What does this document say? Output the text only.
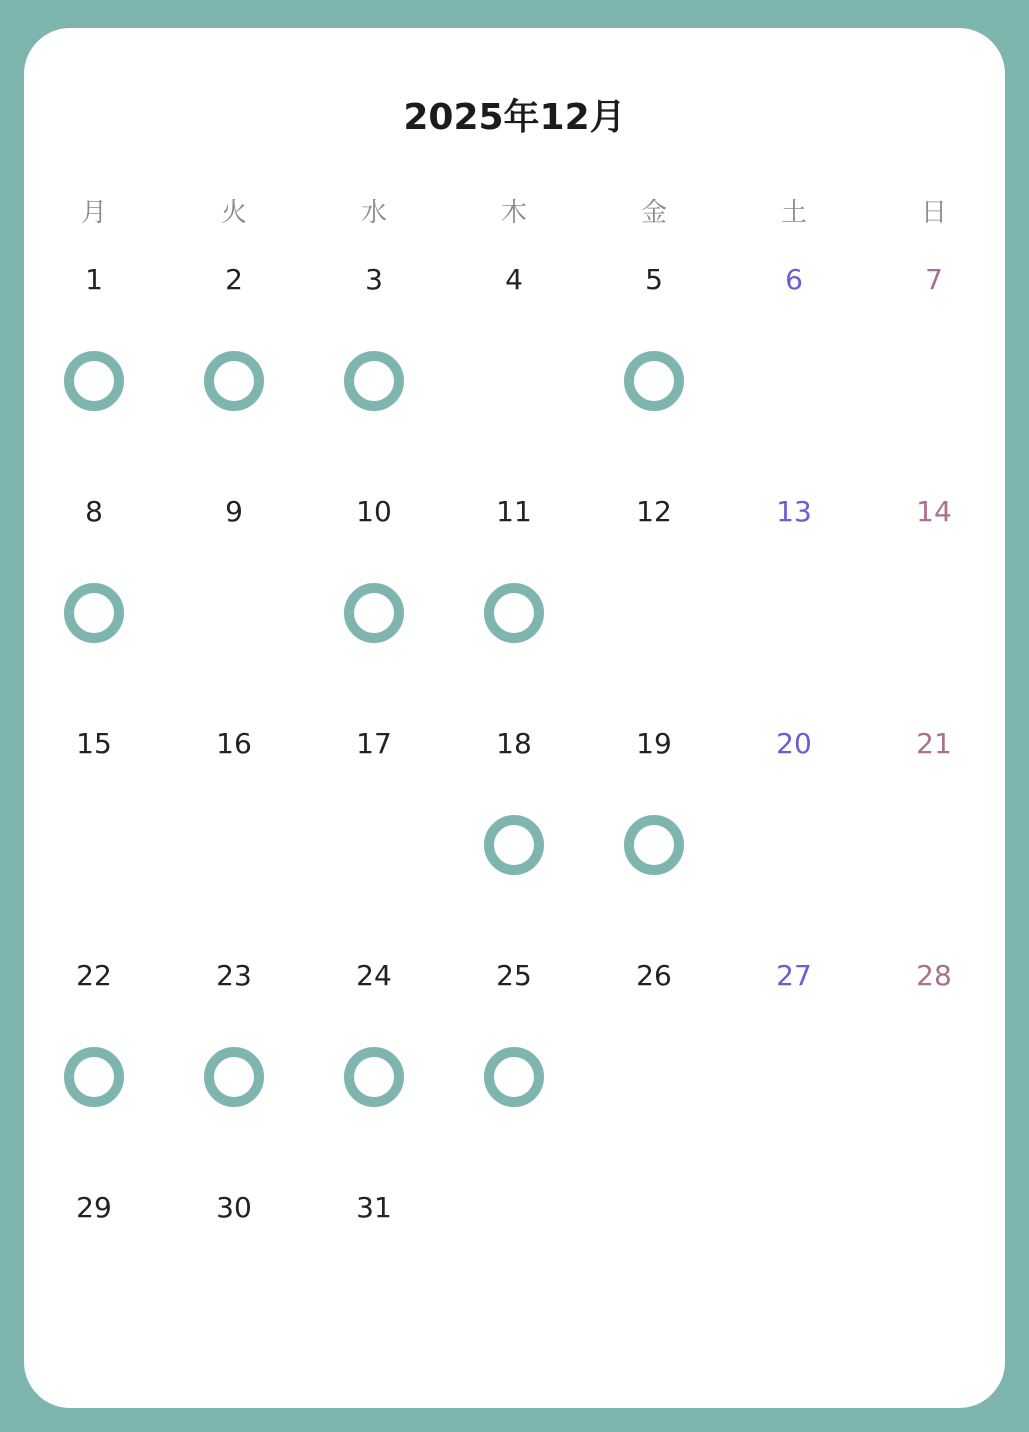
2025年12月
月	火	水	木	金	土	日
1	2	3	4	5	6	7
8	9	10	11	12	13	14
15	16	17	18	19	20	21
22	23	24	25	26	27	28
29	30	31
